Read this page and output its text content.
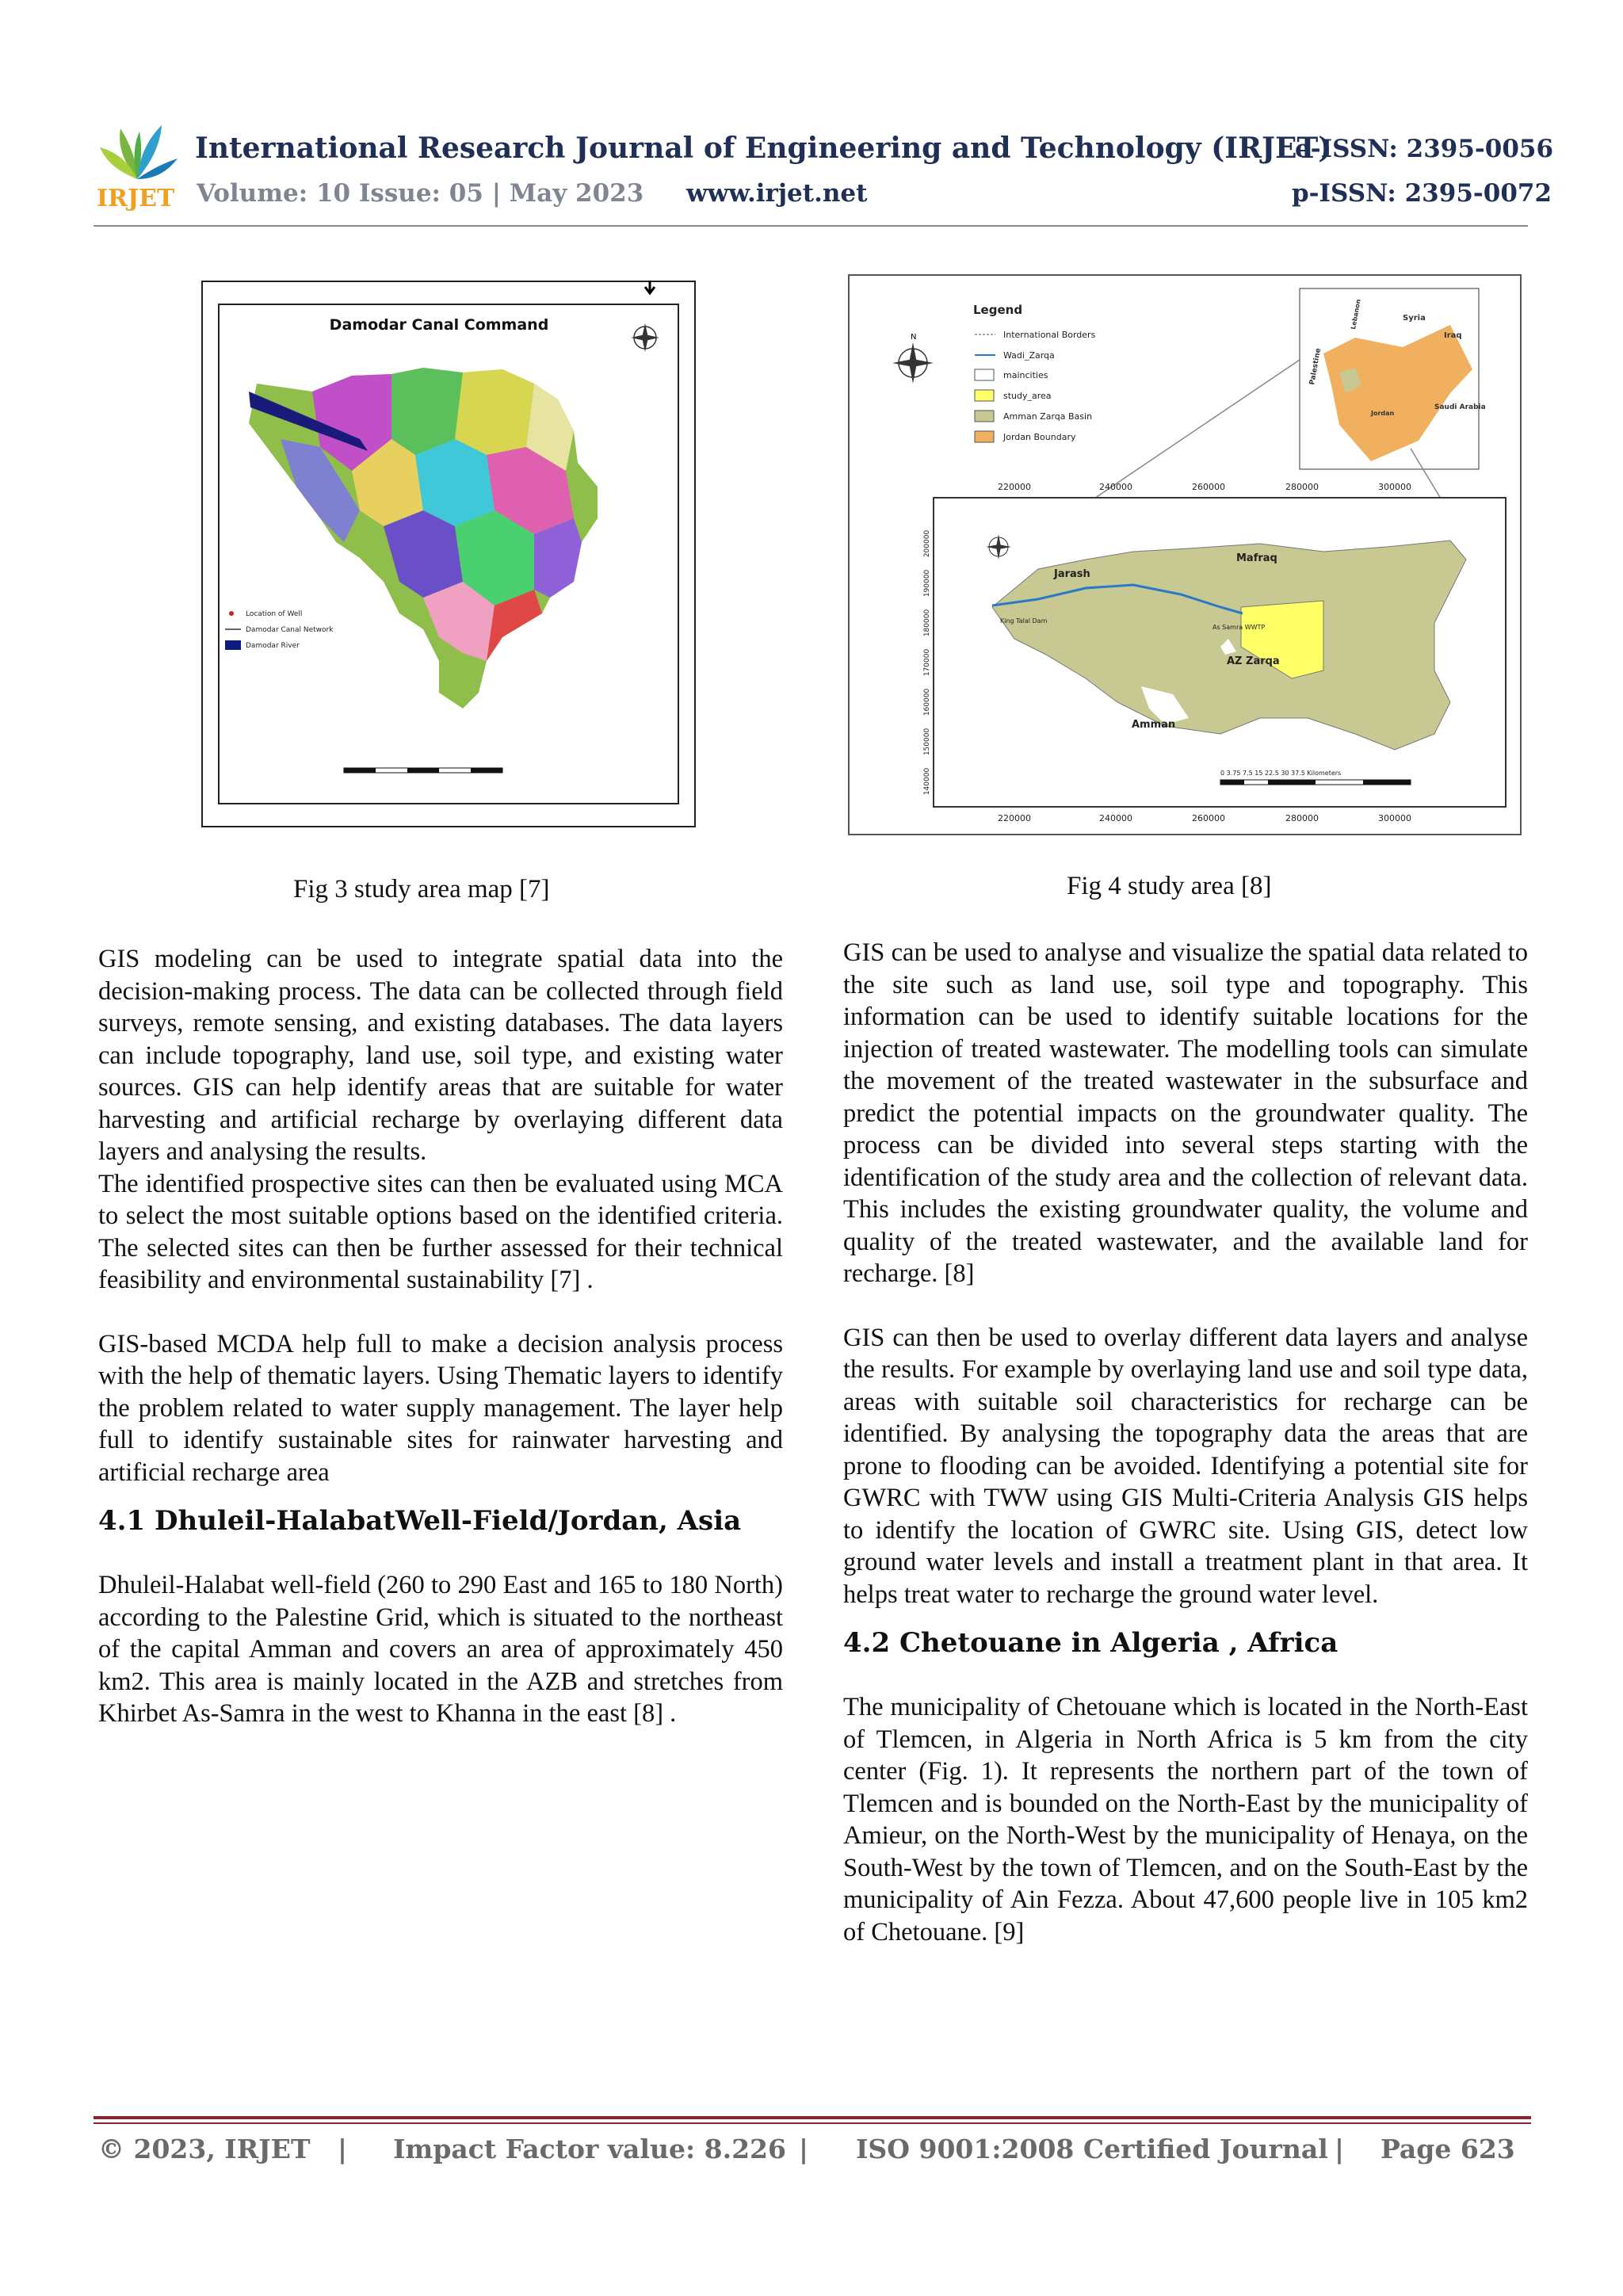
IRJET
International Research Journal of Engineering and Technology (IRJET)
e-ISSN: 2395-0056
Volume: 10 Issue: 05 | May 2023 www.irjet.net	p-ISSN: 2395-0072
Damodar Canal Command
Location of Well
Damodar Canal Network
Damodar River
Fig 3 study area map [7]
N
Legend
International Borders
Wadi_Zarqa
maincities
study_area
Amman Zarqa Basin
Jordan Boundary
Syria
Iraq
Jordan
Saudi Arabia
Palestine
Lebanon
220000	240000	260000	280000	300000
220000	240000	260000	280000	300000
200000
190000
180000
170000
160000
150000
140000
Jarash
Mafraq
AZ Zarqa
Amman
King Talal Dam
As Samra WWTP
0 3.75 7.5 15 22.5 30 37.5 Kilometers
Fig 4 study area [8]

GIS modeling can be used to integrate spatial data into the decision-making process. The data can be collected through field surveys, remote sensing, and existing databases. The data layers can include topography, land use, soil type, and existing water sources. GIS can help identify areas that are suitable for water harvesting and artificial recharge by overlaying different data layers and analysing the results.

The identified prospective sites can then be evaluated using MCA to select the most suitable options based on the identified criteria. The selected sites can then be further assessed for their technical feasibility and environmental sustainability [7] .

GIS-based MCDA help full to make a decision analysis process with the help of thematic layers. Using Thematic layers to identify the problem related to water supply management. The layer help full to identify sustainable sites for rainwater harvesting and artificial recharge area

4.1 Dhuleil-HalabatWell-Field/Jordan, Asia

Dhuleil-Halabat well-field (260 to 290 East and 165 to 180 North) according to the Palestine Grid, which is situated to the northeast of the capital Amman and covers an area of approximately 450 km2. This area is mainly located in the AZB and stretches from Khirbet As-Samra in the west to Khanna in the east [8] .

GIS can be used to analyse and visualize the spatial data related to the site such as land use, soil type and topography. This information can be used to identify suitable locations for the injection of treated wastewater. The modelling tools can simulate the movement of the treated wastewater in the subsurface and predict the potential impacts on the groundwater quality. The process can be divided into several steps starting with the identification of the study area and the collection of relevant data. This includes the existing groundwater quality, the volume and quality of the treated wastewater, and the available land for recharge. [8]

GIS can then be used to overlay different data layers and analyse the results. For example by overlaying land use and soil type data, areas with suitable soil characteristics for recharge can be identified. By analysing the topography data the areas that are prone to flooding can be avoided. Identifying a potential site for GWRC with TWW using GIS Multi-Criteria Analysis GIS helps to identify the location of GWRC site. Using GIS, detect low ground water levels and install a treatment plant in that area. It helps treat water to recharge the ground water level.

4.2 Chetouane in Algeria , Africa

The municipality of Chetouane which is located in the North-East of Tlemcen, in Algeria in North Africa is 5 km from the city center (Fig. 1). It represents the northern part of the town of Tlemcen and is bounded on the North-East by the municipality of Amieur, on the North-West by the municipality of Henaya, on the South-West by the town of Tlemcen, and on the South-East by the municipality of Ain Fezza. About 47,600 people live in 105 km2 of Chetouane. [9]

© 2023, IRJET | Impact Factor value: 8.226 | ISO 9001:2008 Certified Journal | Page 623
